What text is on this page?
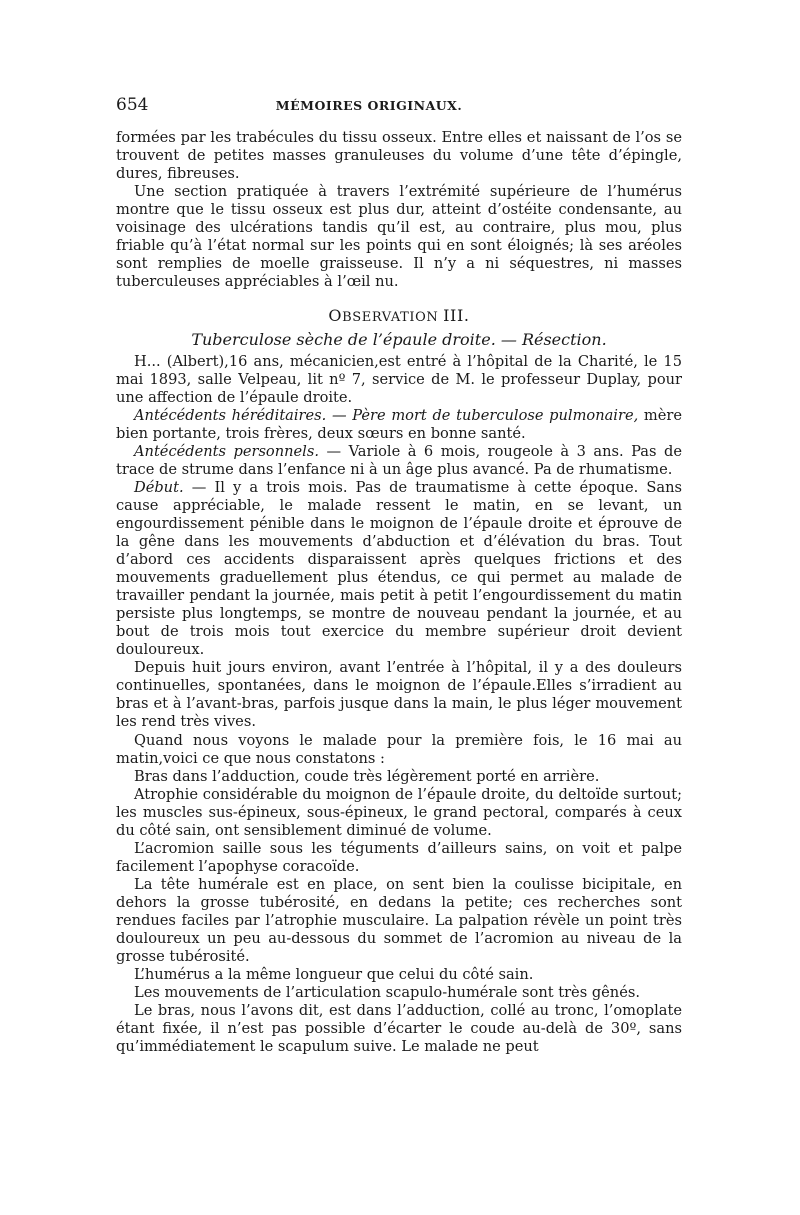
654	MÉMOIRES ORIGINAUX.

formées par les trabécules du tissu osseux. Entre elles et naissant de l’os se trouvent de petites masses granuleuses du volume d’une tête d’épingle, dures, fibreuses.

Une section pratiquée à travers l’extrémité supérieure de l’humérus montre que le tissu osseux est plus dur, atteint d’ostéite condensante, au voisinage des ulcérations tandis qu’il est, au contraire, plus mou, plus friable qu’à l’état normal sur les points qui en sont éloignés; là ses aréoles sont remplies de moelle graisseuse. Il n’y a ni séquestres, ni masses tuberculeuses appréciables à l’œil nu.

OBSERVATION III.
Tuberculose sèche de l’épaule droite. — Résection.

H... (Albert),16 ans, mécanicien,est entré à l’hôpital de la Charité, le 15 mai 1893, salle Velpeau, lit nº 7, service de M. le professeur Duplay, pour une affection de l’épaule droite.

Antécédents héréditaires. — Père mort de tuberculose pulmonaire, mère bien portante, trois frères, deux sœurs en bonne santé.

Antécédents personnels. — Variole à 6 mois, rougeole à 3 ans. Pas de trace de strume dans l’enfance ni à un âge plus avancé. Pa de rhumatisme.

Début. — Il y a trois mois. Pas de traumatisme à cette époque. Sans cause appréciable, le malade ressent le matin, en se levant, un engourdissement pénible dans le moignon de l’épaule droite et éprouve de la gêne dans les mouvements d’abduction et d’élévation du bras. Tout d’abord ces accidents disparaissent après quelques frictions et des mouvements graduellement plus étendus, ce qui permet au malade de travailler pendant la journée, mais petit à petit l’engourdissement du matin persiste plus longtemps, se montre de nouveau pendant la journée, et au bout de trois mois tout exercice du membre supérieur droit devient douloureux.

Depuis huit jours environ, avant l’entrée à l’hôpital, il y a des douleurs continuelles, spontanées, dans le moignon de l’épaule.Elles s’irradient au bras et à l’avant-bras, parfois jusque dans la main, le plus léger mouvement les rend très vives.

Quand nous voyons le malade pour la première fois, le 16 mai au matin,voici ce que nous constatons :

Bras dans l’adduction, coude très légèrement porté en arrière.

Atrophie considérable du moignon de l’épaule droite, du deltoïde surtout; les muscles sus-épineux, sous-épineux, le grand pectoral, comparés à ceux du côté sain, ont sensiblement diminué de volume.

L’acromion saille sous les téguments d’ailleurs sains, on voit et palpe facilement l’apophyse coracoïde.

La tête humérale est en place, on sent bien la coulisse bicipitale, en dehors la grosse tubérosité, en dedans la petite; ces recherches sont rendues faciles par l’atrophie musculaire. La palpation révèle un point très douloureux un peu au-dessous du sommet de l’acromion au niveau de la grosse tubérosité.

L’humérus a la même longueur que celui du côté sain.

Les mouvements de l’articulation scapulo-humérale sont très gênés.

Le bras, nous l’avons dit, est dans l’adduction, collé au tronc, l’omoplate étant fixée, il n’est pas possible d’écarter le coude au-delà de 30º, sans qu’immédiatement le scapulum suive. Le malade ne peut
